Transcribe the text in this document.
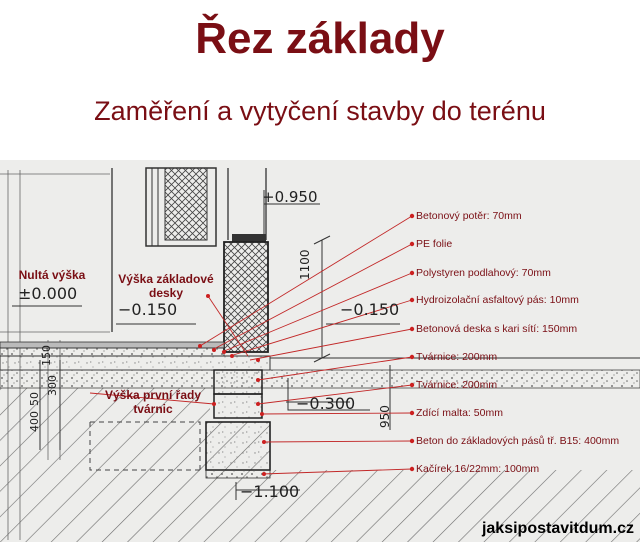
Řez základy
Zaměření a vytyčení stavby do terénu
+0.950
±0.000
−0.150	−0.150
−0.300
−1.100
1100
950
400
50
300
150
Nultá výška	Výška základové desky
Výška první řady tvárnic
Betonový potěr: 70mm
PE folie
Polystyren podlahový: 70mm
Hydroizolační asfaltový pás: 10mm
Betonová deska s kari sítí: 150mm
Tvárnice: 200mm
Tvárnice: 200mm
Zdící malta: 50mm
Beton do základových pásů tř. B15: 400mm
Kačírek 16/22mm: 100mm
jaksipostavitdum.cz
